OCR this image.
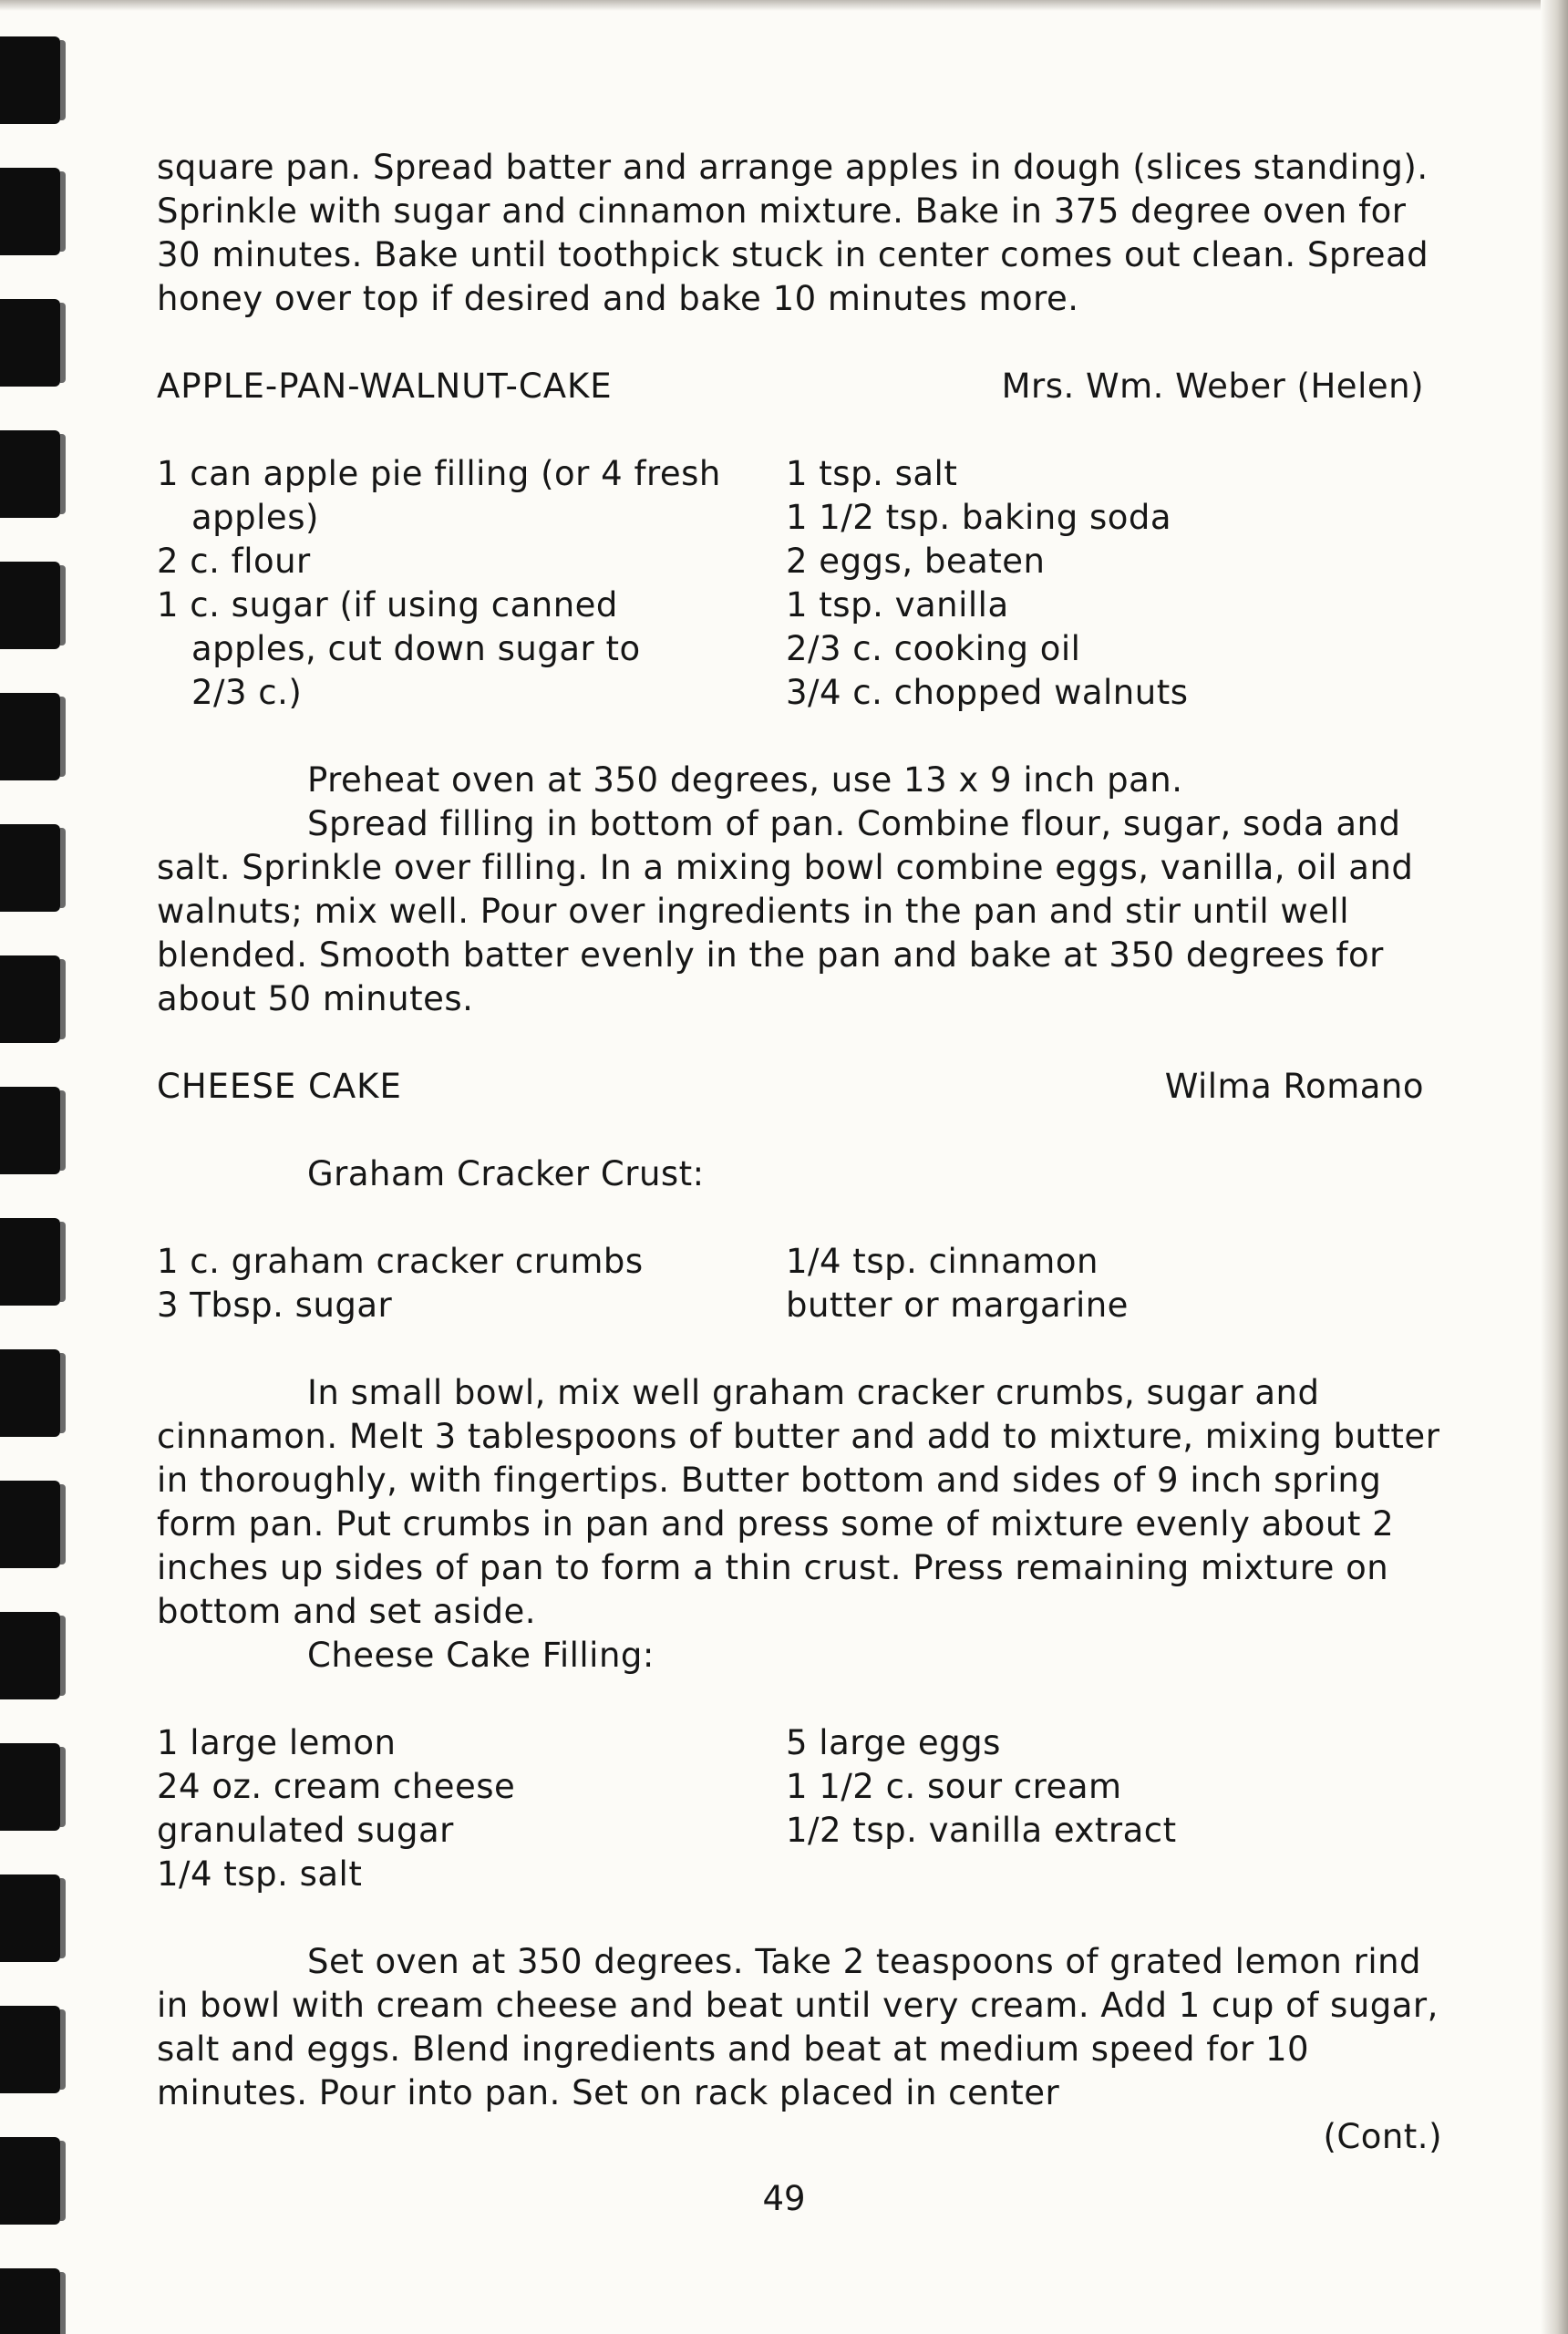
square pan. Spread batter and arrange apples in dough (slices standing). Sprinkle with sugar and cinnamon mixture. Bake in 375 degree oven for 30 minutes. Bake until toothpick stuck in center comes out clean. Spread honey over top if desired and bake 10 minutes more.

APPLE-PAN-WALNUT-CAKE	Mrs. Wm. Weber (Helen)

1 can apple pie filling (or 4 fresh apples)

2 c. flour

1 c. sugar (if using canned apples, cut down sugar to 2/3 c.)

1 tsp. salt

1 1/2 tsp. baking soda

2 eggs, beaten

1 tsp. vanilla

2/3 c. cooking oil

3/4 c. chopped walnuts

Preheat oven at 350 degrees, use 13 x 9 inch pan.

Spread filling in bottom of pan. Combine flour, sugar, soda and salt. Sprinkle over filling. In a mixing bowl combine eggs, vanilla, oil and walnuts; mix well. Pour over ingredients in the pan and stir until well blended. Smooth batter evenly in the pan and bake at 350 degrees for about 50 minutes.

CHEESE CAKE	Wilma Romano

Graham Cracker Crust:

1 c. graham cracker crumbs

3 Tbsp. sugar

1/4 tsp. cinnamon

butter or margarine

In small bowl, mix well graham cracker crumbs, sugar and cinnamon. Melt 3 tablespoons of butter and add to mixture, mixing butter in thoroughly, with fingertips. Butter bottom and sides of 9 inch spring form pan. Put crumbs in pan and press some of mixture evenly about 2 inches up sides of pan to form a thin crust. Press remaining mixture on bottom and set aside.

Cheese Cake Filling:

1 large lemon

24 oz. cream cheese

granulated sugar

1/4 tsp. salt

5 large eggs

1 1/2 c. sour cream

1/2 tsp. vanilla extract

Set oven at 350 degrees. Take 2 teaspoons of grated lemon rind in bowl with cream cheese and beat until very cream. Add 1 cup of sugar, salt and eggs. Blend ingredients and beat at medium speed for 10 minutes. Pour into pan. Set on rack placed in center

(Cont.)

49
